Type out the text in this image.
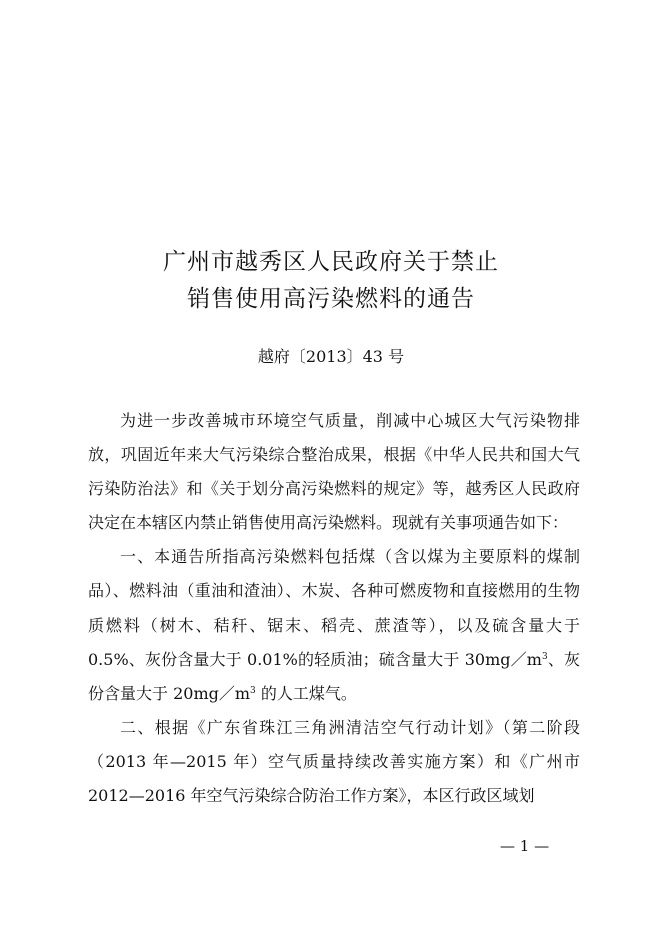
广州市越秀区人民政府关于禁止
销售使用高污染燃料的通告
越府〔2013〕43 号

为进一步改善城市环境空气质量，削减中心城区大气污染物排放，巩固近年来大气污染综合整治成果，根据《中华人民共和国大气污染防治法》和《关于划分高污染燃料的规定》等，越秀区人民政府决定在本辖区内禁止销售使用高污染燃料。现就有关事项通告如下：

一、本通告所指高污染燃料包括煤（含以煤为主要原料的煤制品）、燃料油（重油和渣油）、木炭、各种可燃废物和直接燃用的生物质燃料（树木、秸秆、锯末、稻壳、蔗渣等），以及硫含量大于 0.5%、灰份含量大于 0.01%的轻质油；硫含量大于 $30mg/m^3$、灰份含量大于 $20mg/m^3$ 的人工煤气。

二、根据《广东省珠江三角洲清洁空气行动计划》（第二阶段（2013 年—2015 年）空气质量持续改善实施方案）和《广州市 2012—2016 年空气污染综合防治工作方案》，本区行政区域划

— 1 —
